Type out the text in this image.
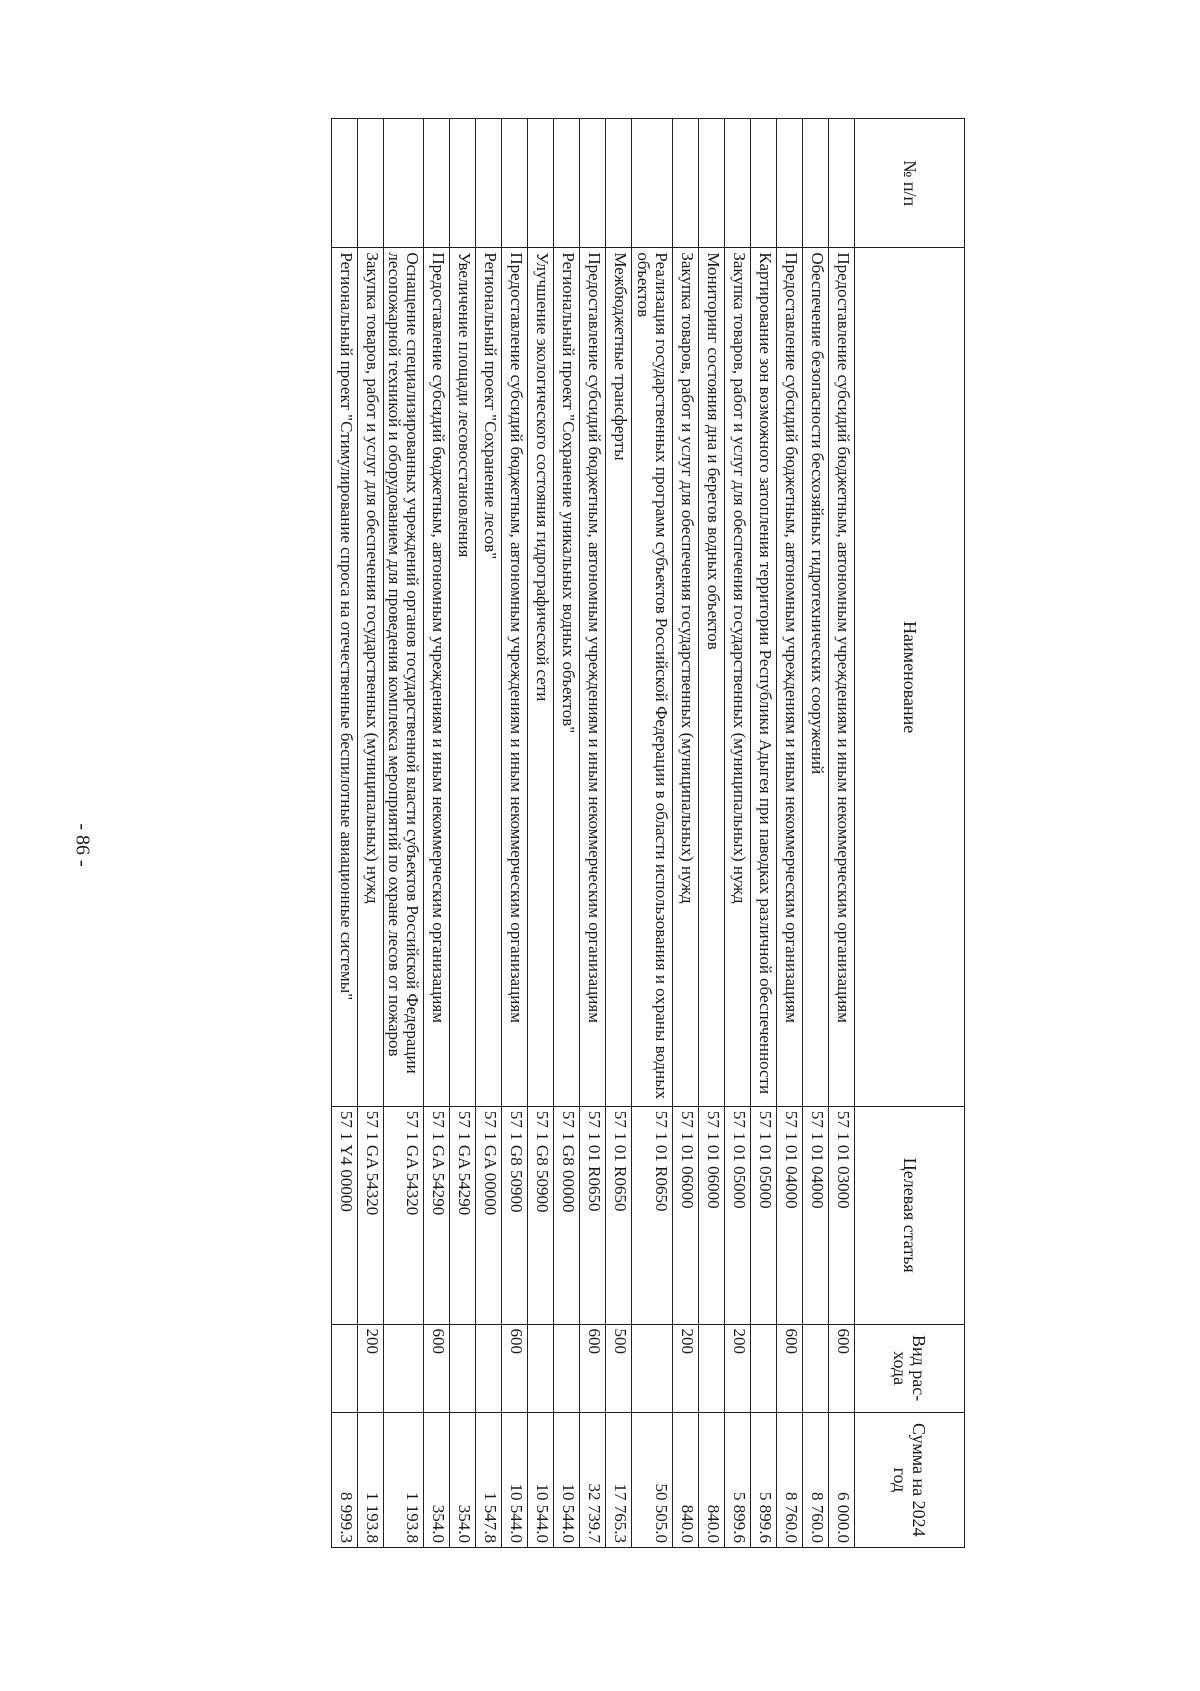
- 86 -
№ п/п	Наименование	Целевая статья	Вид рас-хода	Сумма на 2024 год
	Предоставление субсидий бюджетным, автономным учреждениям и иным некоммерческим организациям	57 1 01 03000	600	6 000.0
	Обеспечение безопасности бесхозяйных гидротехнических сооружений	57 1 01 04000		8 760.0
	Предоставление субсидий бюджетным, автономным учреждениям и иным некоммерческим организациям	57 1 01 04000	600	8 760.0
	Картирование зон возможного затопления территории Республики Адыгея при паводках различной обеспеченности	57 1 01 05000		5 899.6
	Закупка товаров, работ и услуг для обеспечения государственных (муниципальных) нужд	57 1 01 05000	200	5 899.6
	Мониторинг состояния дна и берегов водных объектов	57 1 01 06000		840.0
	Закупка товаров, работ и услуг для обеспечения государственных (муниципальных) нужд	57 1 01 06000	200	840.0
	Реализация государственных программ субъектов Российской Федерации в области использования и охраны водных объектов	57 1 01 R0650		50 505.0
	Межбюджетные трансферты	57 1 01 R0650	500	17 765.3
	Предоставление субсидий бюджетным, автономным учреждениям и иным некоммерческим организациям	57 1 01 R0650	600	32 739.7
	Региональный проект "Сохранение уникальных водных объектов"	57 1 G8 00000		10 544.0
	Улучшение экологического состояния гидрографической сети	57 1 G8 50900		10 544.0
	Предоставление субсидий бюджетным, автономным учреждениям и иным некоммерческим организациям	57 1 G8 50900	600	10 544.0
	Региональный проект "Сохранение лесов"	57 1 GA 00000		1 547.8
	Увеличение площади лесовосстановления	57 1 GA 54290		354.0
	Предоставление субсидий бюджетным, автономным учреждениям и иным некоммерческим организациям	57 1 GA 54290	600	354.0
	Оснащение специализированных учреждений органов государственной власти субъектов Российской Федерации лесопожарной техникой и оборудованием для проведения комплекса мероприятий по охране лесов от пожаров	57 1 GA 54320		1 193.8
	Закупка товаров, работ и услуг для обеспечения государственных (муниципальных) нужд	57 1 GA 54320	200	1 193.8
	Региональный проект "Стимулирование спроса на отечественные беспилотные авиационные системы"	57 1 Y4 00000		8 999.3
